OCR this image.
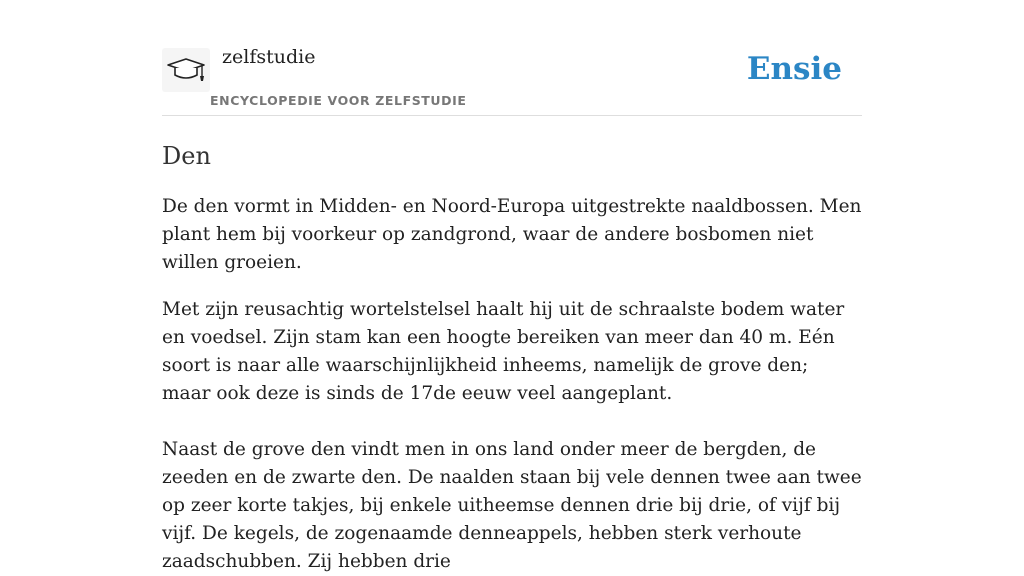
zelfstudie
ENCYCLOPEDIE VOOR ZELFSTUDIE
Ensie
Den

De den vormt in Midden- en Noord-Europa uitgestrekte naaldbossen. Men plant hem bij voorkeur op zandgrond, waar de andere bosbomen niet willen groeien.

Met zijn reusachtig wortelstelsel haalt hij uit de schraalste bodem water en voedsel. Zijn stam kan een hoogte bereiken van meer dan 40 m. Eén soort is naar alle waarschijnlijkheid inheems, namelijk de grove den; maar ook deze is sinds de 17de eeuw veel aangeplant.

Naast de grove den vindt men in ons land onder meer de bergden, de zeeden en de zwarte den. De naalden staan bij vele dennen twee aan twee op zeer korte takjes, bij enkele uitheemse dennen drie bij drie, of vijf bij vijf. De kegels, de zogenaamde denneappels, hebben sterk verhoute zaadschubben. Zij hebben drie
